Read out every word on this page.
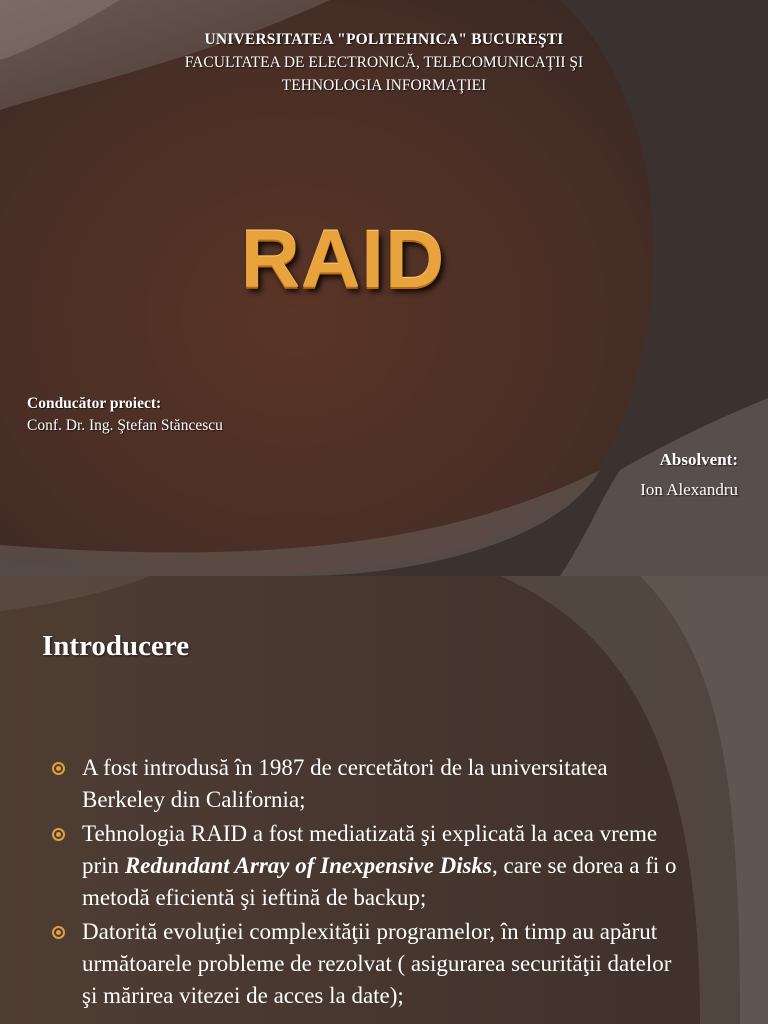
UNIVERSITATEA "POLITEHNICA" BUCUREŞTI
FACULTATEA DE ELECTRONICĂ, TELECOMUNICAŢII ŞI
TEHNOLOGIA INFORMAŢIEI
RAID
Conducător proiect:
Conf. Dr. Ing. Ştefan Stăncescu
Absolvent:
Ion Alexandru
Introducere
A fost introdusă în 1987 de cercetători de la universitatea Berkeley din California;
Tehnologia RAID a fost mediatizată şi explicată la acea vreme prin Redundant Array of Inexpensive Disks, care se dorea a fi o metodă eficientă şi ieftină de backup;
Datorită evoluţiei complexităţii programelor, în timp au apărut următoarele probleme de rezolvat ( asigurarea securităţii datelor şi mărirea vitezei de acces la date);
